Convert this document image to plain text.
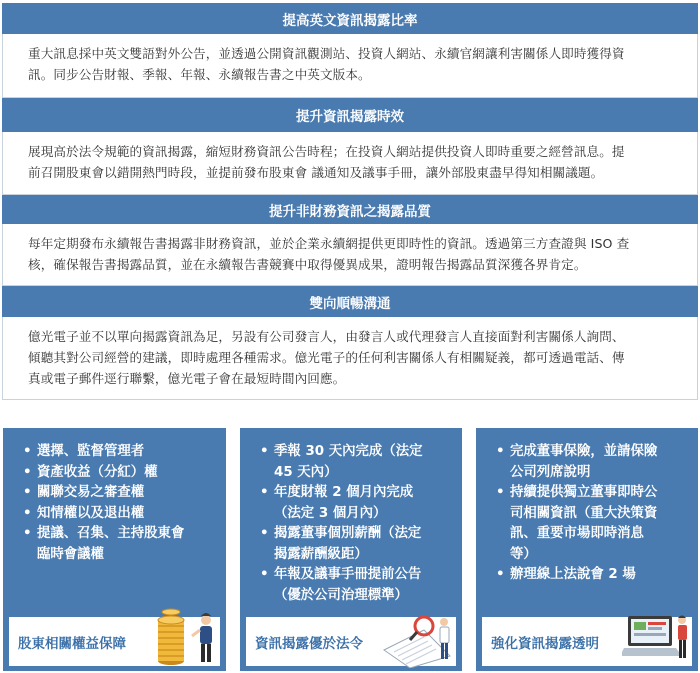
提高英文資訊揭露比率
重大訊息採中英文雙語對外公告，並透過公開資訊觀測站、投資人網站、永續官網讓利害關係人即時獲得資
訊。同步公告財報、季報、年報、永續報告書之中英文版本。
提升資訊揭露時效
展現高於法令規範的資訊揭露，縮短財務資訊公告時程；在投資人網站提供投資人即時重要之經營訊息。提
前召開股東會以錯開熱門時段，並提前發布股東會 議通知及議事手冊，讓外部股東盡早得知相關議題。
提升非財務資訊之揭露品質
每年定期發布永續報告書揭露非財務資訊，並於企業永續網提供更即時性的資訊。透過第三方查證與 ISO 查
核，確保報告書揭露品質，並在永續報告書競賽中取得優異成果，證明報告揭露品質深獲各界肯定。
雙向順暢溝通
億光電子並不以單向揭露資訊為足，另設有公司發言人，由發言人或代理發言人直接面對利害關係人詢問、
傾聽其對公司經營的建議，即時處理各種需求。億光電子的任何利害關係人有相關疑義，都可透過電話、傳
真或電子郵件逕行聯繫，億光電子會在最短時間內回應。
• 選擇、監督管理者
• 資產收益（分紅）權
• 關聯交易之審查權
• 知情權以及退出權
• 提議、召集、主持股東會
臨時會議權
股東相關權益保障
• 季報 30 天內完成（法定
45 天內）
• 年度財報 2 個月內完成
（法定 3 個月內）
• 揭露董事個別薪酬（法定
揭露薪酬級距）
• 年報及議事手冊提前公告
（優於公司治理標準）
資訊揭露優於法令
• 完成董事保險，並請保險
公司列席說明
• 持續提供獨立董事即時公
司相關資訊（重大決策資
訊、重要市場即時消息
等）
• 辦理線上法說會 2 場
強化資訊揭露透明
